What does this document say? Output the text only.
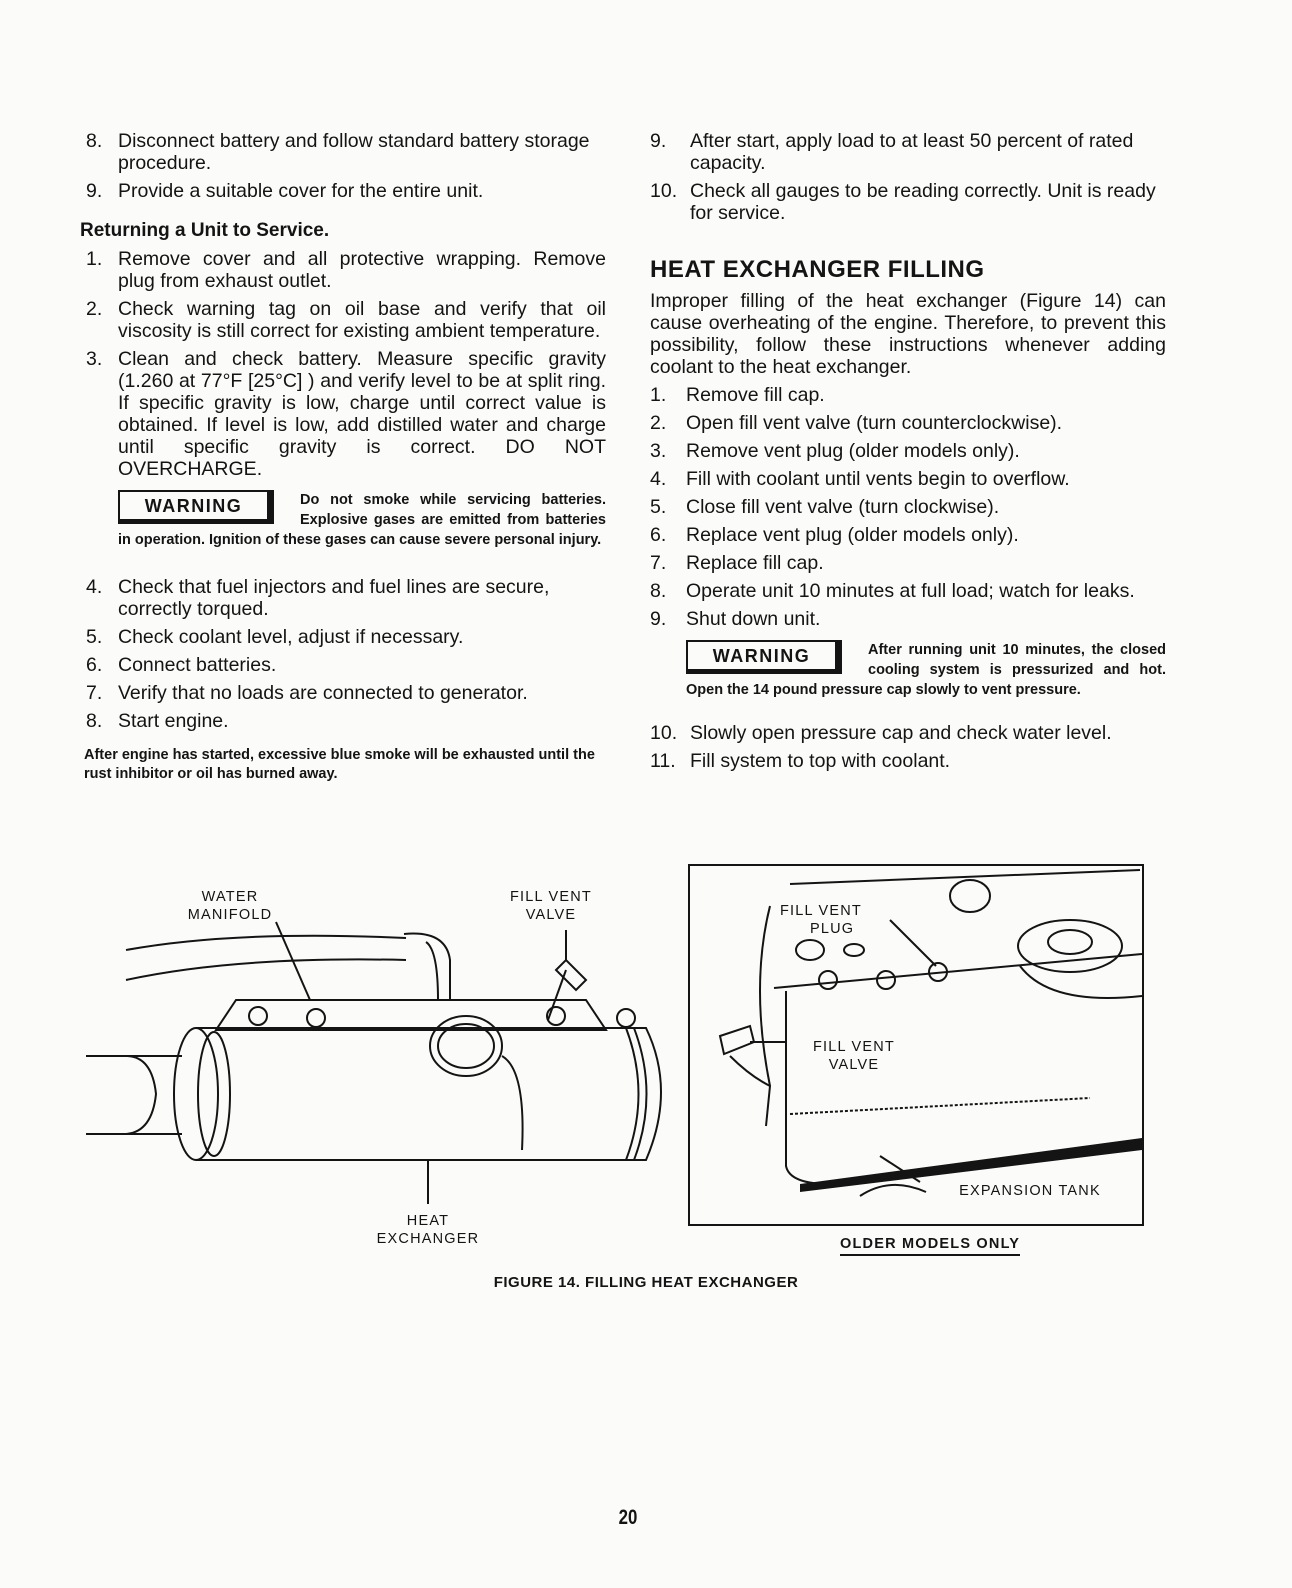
8. Disconnect battery and follow standard battery storage procedure.
9. Provide a suitable cover for the entire unit.
Returning a Unit to Service.
1. Remove cover and all protective wrapping. Remove plug from exhaust outlet.
2. Check warning tag on oil base and verify that oil viscosity is still correct for existing ambient temperature.
3. Clean and check battery. Measure specific gravity (1.260 at 77°F [25°C] ) and verify level to be at split ring. If specific gravity is low, charge until correct value is obtained. If level is low, add distilled water and charge until specific gravity is correct. DO NOT OVERCHARGE.
WARNING	Do not smoke while servicing batteries. Explosive gases are emitted from batteries in operation. Ignition of these gases can cause severe personal injury.
4. Check that fuel injectors and fuel lines are secure, correctly torqued.
5. Check coolant level, adjust if necessary.
6. Connect batteries.
7. Verify that no loads are connected to generator.
8. Start engine.
After engine has started, excessive blue smoke will be exhausted until the rust inhibitor or oil has burned away.
9. After start, apply load to at least 50 percent of rated capacity.
10. Check all gauges to be reading correctly. Unit is ready for service.
HEAT EXCHANGER FILLING

Improper filling of the heat exchanger (Figure 14) can cause overheating of the engine. Therefore, to prevent this possibility, follow these instructions whenever adding coolant to the heat exchanger.

1. Remove fill cap.
2. Open fill vent valve (turn counterclockwise).
3. Remove vent plug (older models only).
4. Fill with coolant until vents begin to overflow.
5. Close fill vent valve (turn clockwise).
6. Replace vent plug (older models only).
7. Replace fill cap.
8. Operate unit 10 minutes at full load; watch for leaks.
9. Shut down unit.
WARNING	After running unit 10 minutes, the closed cooling system is pressurized and hot. Open the 14 pound pressure cap slowly to vent pressure.
10. Slowly open pressure cap and check water level.
11. Fill system to top with coolant.
WATER
MANIFOLD
FILL VENT
VALVE
HEAT
EXCHANGER
FILL VENT
PLUG
FILL VENT
VALVE
EXPANSION TANK
OLDER MODELS ONLY
FIGURE 14. FILLING HEAT EXCHANGER
20
